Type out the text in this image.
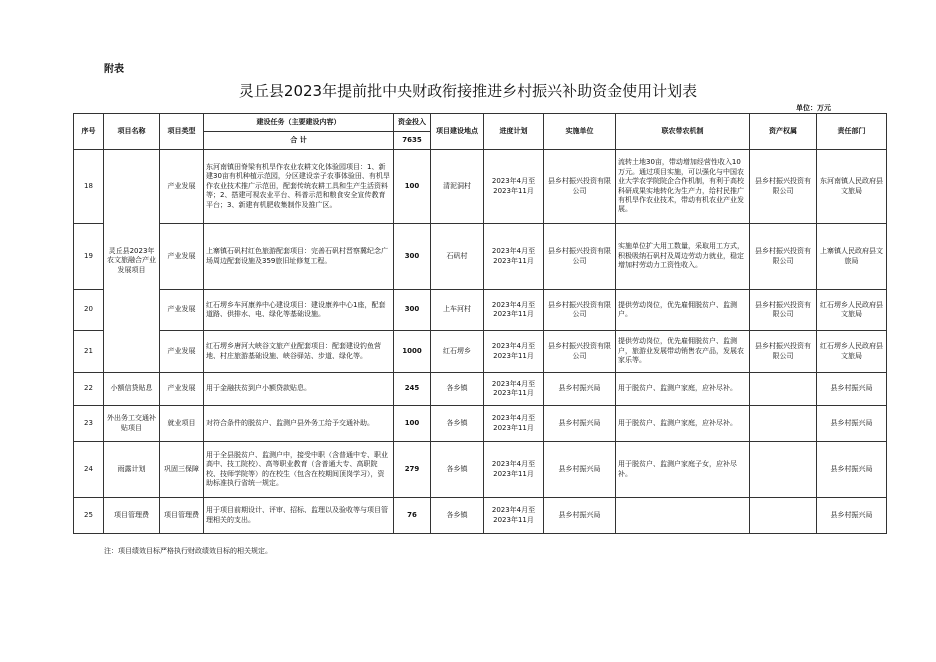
附表
灵丘县2023年提前批中央财政衔接推进乡村振兴补助资金使用计划表
单位：万元
序号	项目名称	项目类型	建设任务（主要建设内容）	资金投入	项目建设地点	进度计划	实施单位	联农带农机制	资产权属	责任部门
			合 计	7635						
18	灵丘县2023年农文旅融合产业发展项目	产业发展	东河南镇田脊梁有机旱作农业农耕文化体验园项目：1、新建30亩有机种植示范园，分区建设亲子农事体验田、有机旱作农业技术推广示范田，配套传统农耕工具和生产生活资料等；2、搭建可视农业平台、科普示范和粮食安全宣传教育平台；3、新建有机肥收集制作及推广区。	100	清泥洞村	2023年4月至2023年11月	县乡村振兴投资有限公司	流转土地30亩，带动增加经营性收入10万元。通过项目实施，可以强化与中国农业大学农学院院企合作机制，有利于高校科研成果实地转化为生产力，给村民推广有机旱作农业技术，带动有机农业产业发展。	县乡村振兴投资有限公司	东河南镇人民政府县文旅局
19		产业发展	上寨镇石矾村红色旅游配套项目：完善石矾村晋察冀纪念广场周边配套设施及359旅旧址修复工程。	300	石矾村	2023年4月至2023年11月	县乡村振兴投资有限公司	实施单位扩大用工数量，采取用工方式，积极吸纳石矾村及周边劳动力就业，稳定增加村劳动力工资性收入。	县乡村振兴投资有限公司	上寨镇人民政府县文旅局
20		产业发展	红石塄乡车河康养中心建设项目：建设康养中心1座，配套道路、供排水、电、绿化等基础设施。	300	上车河村	2023年4月至2023年11月	县乡村振兴投资有限公司	提供劳动岗位，优先雇佣脱贫户、监测户。	县乡村振兴投资有限公司	红石塄乡人民政府县文旅局
21		产业发展	红石塄乡唐河大峡谷文旅产业配套项目：配套建设钓鱼营地、村庄旅游基础设施、峡谷驿站、步道、绿化等。	1000	红石塄乡	2023年4月至2023年11月	县乡村振兴投资有限公司	提供劳动岗位，优先雇佣脱贫户、监测户，旅游业发展带动销售农产品，发展农家乐等。	县乡村振兴投资有限公司	红石塄乡人民政府县文旅局
22	小额信贷贴息	产业发展	用于金融扶贫到户小额贷款贴息。	245	各乡镇	2023年4月至2023年11月	县乡村振兴局	用于脱贫户、监测户家庭，应补尽补。		县乡村振兴局
23	外出务工交通补贴项目	就业项目	对符合条件的脱贫户、监测户县外务工给予交通补助。	100	各乡镇	2023年4月至2023年11月	县乡村振兴局	用于脱贫户、监测户家庭，应补尽补。		县乡村振兴局
24	雨露计划	巩固三保障	用于全县脱贫户、监测户中，接受中职（含普通中专、职业高中、技工院校）、高等职业教育（含普通大专、高职院校、技师学院等）的在校生（包含在校期间顶岗学习），资助标准执行省统一规定。	279	各乡镇	2023年4月至2023年11月	县乡村振兴局	用于脱贫户、监测户家庭子女，应补尽补。		县乡村振兴局
25	项目管理费	项目管理费	用于项目前期设计、评审、招标、监理以及验收等与项目管理相关的支出。	76	各乡镇	2023年4月至2023年11月	县乡村振兴局			县乡村振兴局
注：项目绩效目标严格执行财政绩效目标的相关规定。
